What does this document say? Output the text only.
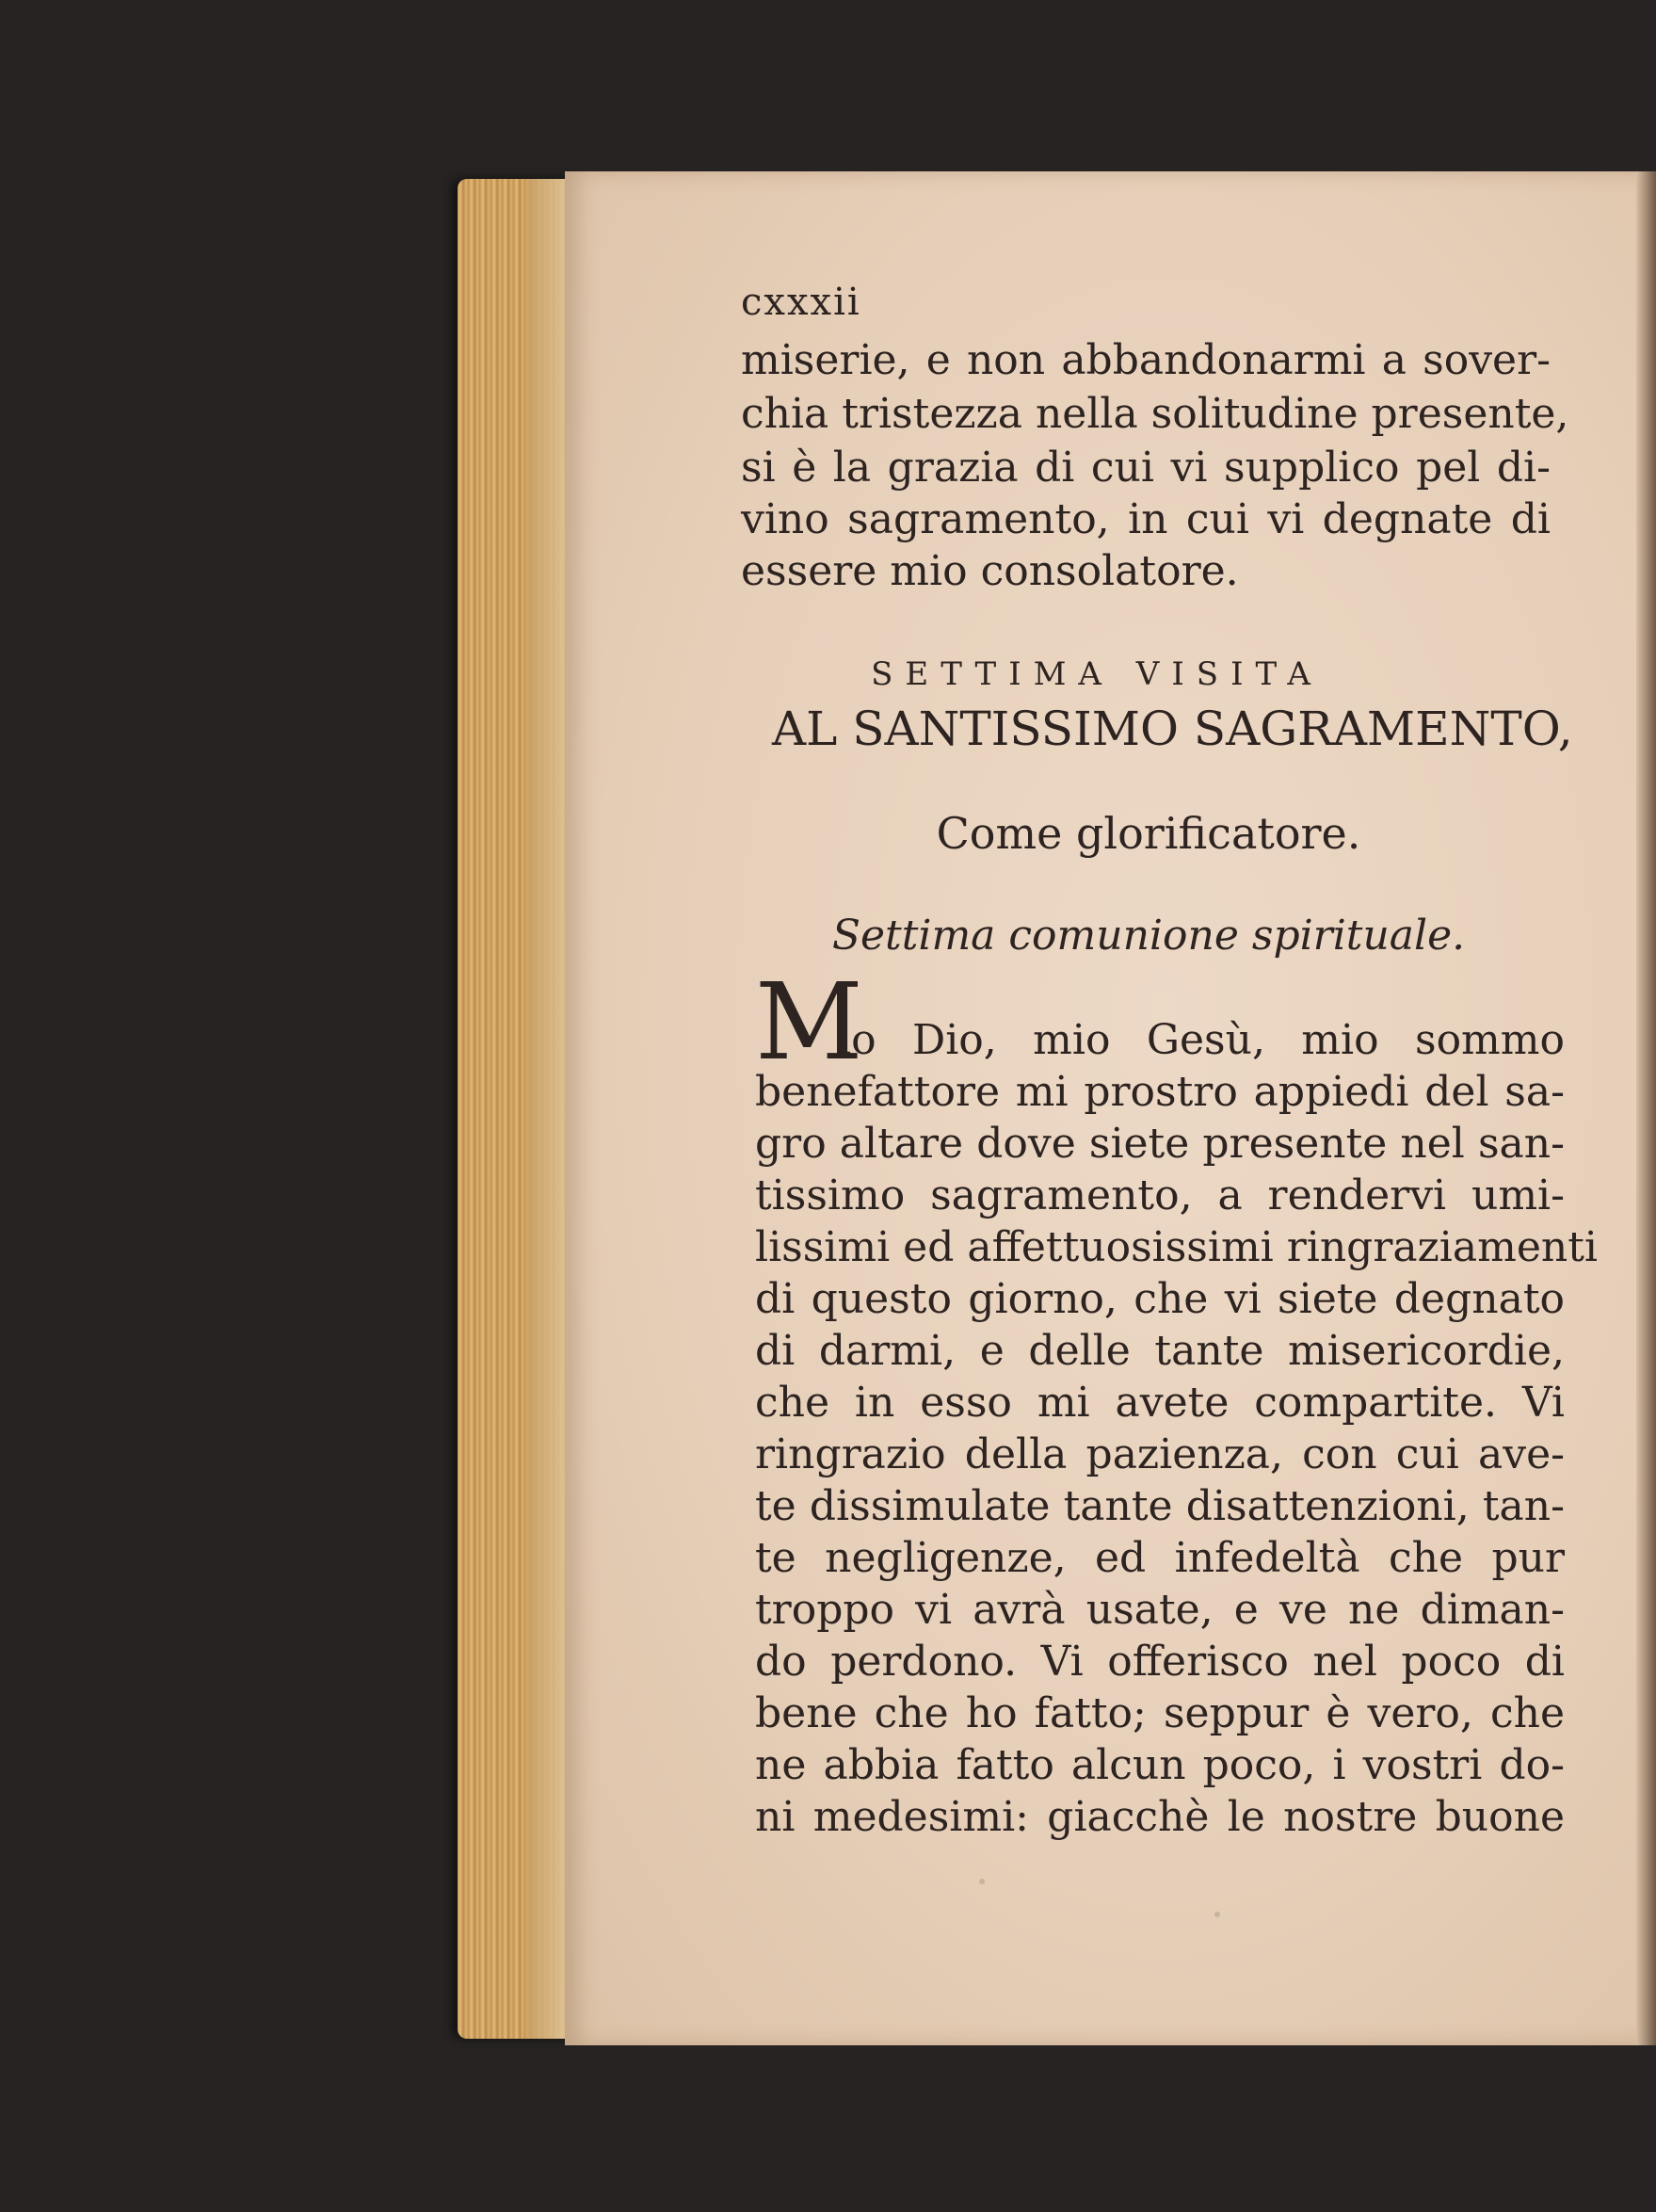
cxxxii
miserie, e non abbandonarmi a sover-
chia tristezza nella solitudine presente,
si è la grazia di cui vi supplico pel di-
vino sagramento, in cui vi degnate di
essere mio consolatore.
SETTIMA VISITA
AL SANTISSIMO SAGRAMENTO,
Come glorificatore.
Settima comunione spirituale.
M
io Dio, mio Gesù, mio sommo
benefattore mi prostro appiedi del sa-
gro altare dove siete presente nel san-
tissimo sagramento, a rendervi umi-
lissimi ed affettuosissimi ringraziamenti
di questo giorno, che vi siete degnato
di darmi, e delle tante misericordie,
che in esso mi avete compartite. Vi
ringrazio della pazienza, con cui ave-
te dissimulate tante disattenzioni, tan-
te negligenze, ed infedeltà che pur
troppo vi avrà usate, e ve ne diman-
do perdono. Vi offerisco nel poco di
bene che ho fatto; seppur è vero, che
ne abbia fatto alcun poco, i vostri do-
ni medesimi: giacchè le nostre buone
